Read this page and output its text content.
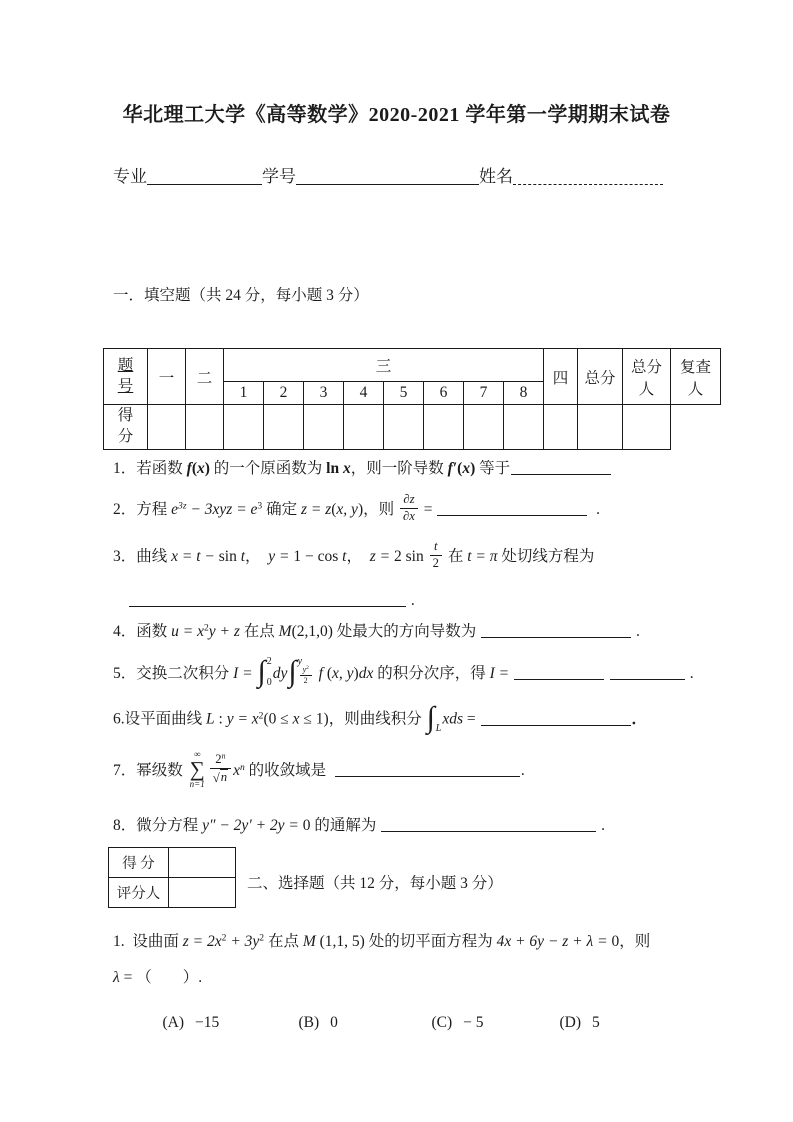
华北理工大学《高等数学》2020-2021 学年第一学期期末试卷
专业	学号	姓名
一．填空题（共 24 分，每小题 3 分）
题号	一	二	三								四	总分	总分人	复查人
			1	2	3	4	5	6	7	8				
得分														
1．若函数 f(x) 的一个原函数为 ln x，则一阶导数 f′(x) 等于
2．方程 $e^{3z} - 3xyz = e^3$ 确定 z = z(x, y)，则 $\frac{\partial z}{\partial x}$ =	.
3．曲线 x = t − sin t，  y = 1 − cos t，  z = 2 $\sin \frac{t}{2}$ 在 t = π 处切线方程为
.
4．函数 $u = x^2y + z$ 在点 M(2,1,0) 处最大的方向导数为	.
5．交换二次积分 I = ∫ 2
0
dy ∫ y
$\frac{y^2}{2}$ f (x, y)dx 的积分次序，得 I =	.
6.设平面曲线 L : $y = x^2(0 \le x \le 1)$，则曲线积分 ∫ L
xds =	．
7．幂级数
∞
∑
$n=1 \frac{2^n}{√ n} x^n$ 的收敛域是	.
8．微分方程 y″ − 2y′ + 2y = 0 的通解为	.
得 分	
评分人	
二、选择题（共 12 分，每小题 3 分）
1.  设曲面 $z = 2x^2 + 3y^2$ 在点 M (1,1, 5) 处的切平面方程为 4x + 6y − z + λ = 0，则
λ = （        ）.

(A) −15	(B) 0	(C) − 5	(D) 5
